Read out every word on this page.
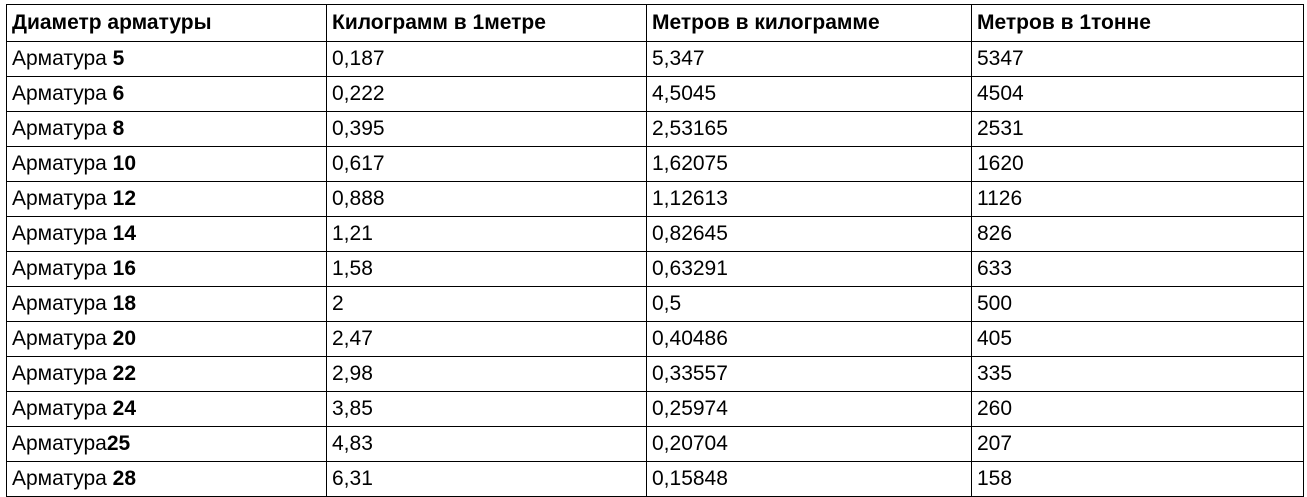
Диаметр арматуры	Килограмм в 1метре	Метров в килограмме	Метров в 1тонне
Арматура 5	0,187	5,347	5347
Арматура 6	0,222	4,5045	4504
Арматура 8	0,395	2,53165	2531
Арматура 10	0,617	1,62075	1620
Арматура 12	0,888	1,12613	1126
Арматура 14	1,21	0,82645	826
Арматура 16	1,58	0,63291	633
Арматура 18	2	0,5	500
Арматура 20	2,47	0,40486	405
Арматура 22	2,98	0,33557	335
Арматура 24	3,85	0,25974	260
Арматура25	4,83	0,20704	207
Арматура 28	6,31	0,15848	158
